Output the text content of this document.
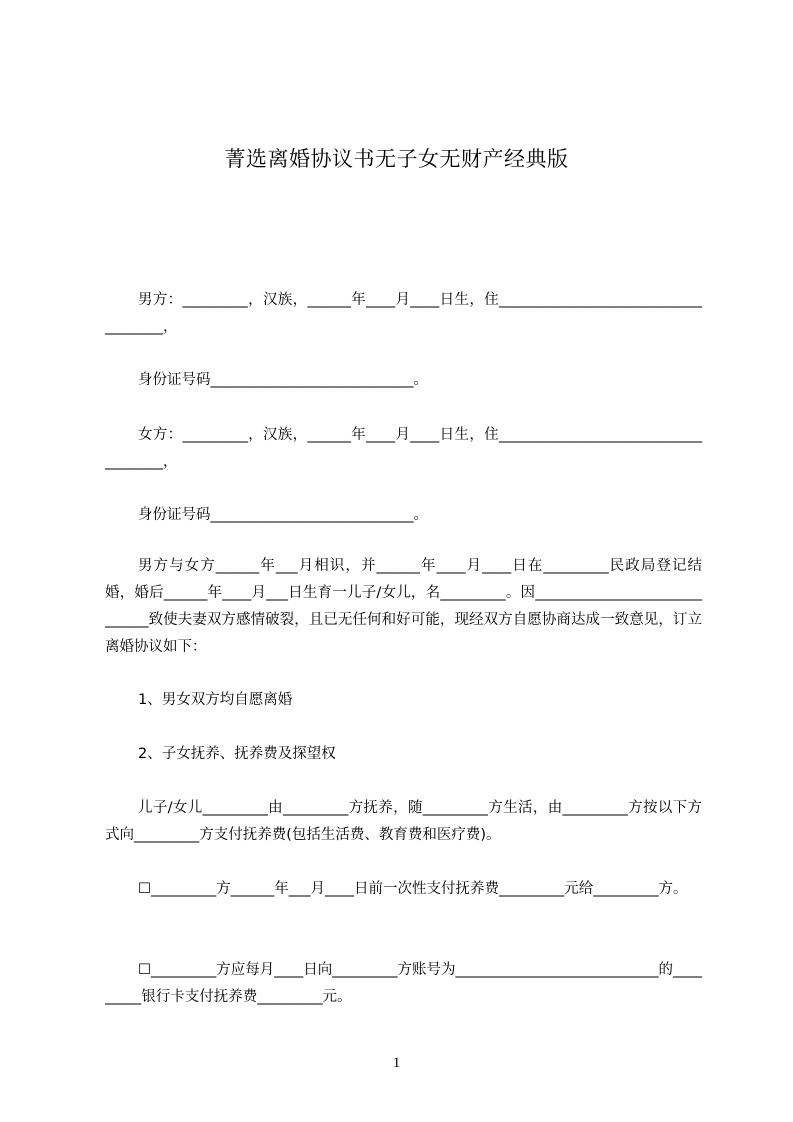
菁选离婚协议书无子女无财产经典版
男方：_________，汉族，______年____月____日生，住____________________________________，
身份证号码____________________________。
女方：_________，汉族，______年____月____日生，住____________________________________，
身份证号码____________________________。
男方与女方______年___月相识，并______年____月____日在_________民政局登记结婚，婚后______年____月___日生育一儿子/女儿，名_________。因_____________________________致使夫妻双方感情破裂，且已无任何和好可能，现经双方自愿协商达成一致意见，订立离婚协议如下：
1、男女双方均自愿离婚
2、子女抚养、抚养费及探望权
儿子/女儿_________由_________方抚养，随_________方生活，由_________方按以下方式向_________方支付抚养费(包括生活费、教育费和医疗费)。
☐_________方______年___月____日前一次性支付抚养费_________元给_________方。
☐_________方应每月____日向_________方账号为____________________________的_________银行卡支付抚养费_________元。
1
